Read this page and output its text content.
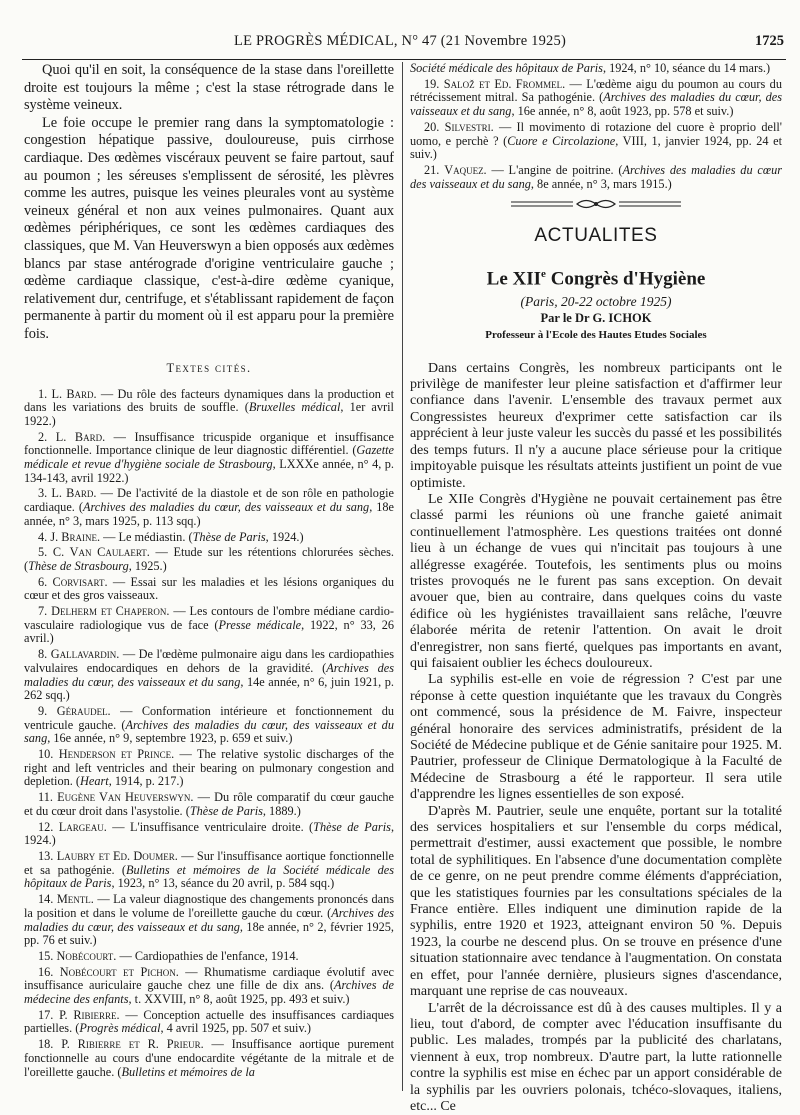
LE PROGRÈS MÉDICAL, N° 47 (21 Novembre 1925)	1725

Quoi qu'il en soit, la conséquence de la stase dans l'oreillette droite est toujours la même ; c'est la stase rétrograde dans le système veineux.

Le foie occupe le premier rang dans la symptomatologie : congestion hépatique passive, douloureuse, puis cirrhose cardiaque. Des œdèmes viscéraux peuvent se faire partout, sauf au poumon ; les séreuses s'emplissent de sérosité, les plèvres comme les autres, puisque les veines pleurales vont au système veineux général et non aux veines pulmonaires. Quant aux œdèmes périphériques, ce sont les œdèmes cardiaques des classiques, que M. Van Heuverswyn a bien opposés aux œdèmes blancs par stase antérograde d'origine ventriculaire gauche ; œdème cardiaque classique, c'est-à-dire œdème cyanique, relativement dur, centrifuge, et s'établissant rapidement de façon permanente à partir du moment où il est apparu pour la première fois.

Textes cités.

1. L. Bard. — Du rôle des facteurs dynamiques dans la production et dans les variations des bruits de souffle. (Bruxelles médical, 1er avril 1922.)

2. L. Bard. — Insuffisance tricuspide organique et insuffisance fonctionnelle. Importance clinique de leur diagnostic différentiel. (Gazette médicale et revue d'hygiène sociale de Strasbourg, LXXXe année, n° 4, p. 134-143, avril 1922.)

3. L. Bard. — De l'activité de la diastole et de son rôle en pathologie cardiaque. (Archives des maladies du cœur, des vaisseaux et du sang, 18e année, n° 3, mars 1925, p. 113 sqq.)

4. J. Braine. — Le médiastin. (Thèse de Paris, 1924.)

5. C. Van Caulaert. — Etude sur les rétentions chlorurées sèches. (Thèse de Strasbourg, 1925.)

6. Corvisart. — Essai sur les maladies et les lésions organiques du cœur et des gros vaisseaux.

7. Delherm et Chaperon. — Les contours de l'ombre médiane cardio-vasculaire radiologique vus de face (Presse médicale, 1922, n° 33, 26 avril.)

8. Gallavardin. — De l'œdème pulmonaire aigu dans les cardiopathies valvulaires endocardiques en dehors de la gravidité. (Archives des maladies du cœur, des vaisseaux et du sang, 14e année, n° 6, juin 1921, p. 262 sqq.)

9. Géraudel. — Conformation intérieure et fonctionnement du ventricule gauche. (Archives des maladies du cœur, des vaisseaux et du sang, 16e année, n° 9, septembre 1923, p. 659 et suiv.)

10. Henderson et Prince. — The relative systolic discharges of the right and left ventricles and their bearing on pulmonary congestion and depletion. (Heart, 1914, p. 217.)

11. Eugène Van Heuverswyn. — Du rôle comparatif du cœur gauche et du cœur droit dans l'asystolie. (Thèse de Paris, 1889.)

12. Largeau. — L'insuffisance ventriculaire droite. (Thèse de Paris, 1924.)

13. Laubry et Ed. Doumer. — Sur l'insuffisance aortique fonctionnelle et sa pathogénie. (Bulletins et mémoires de la Société médicale des hôpitaux de Paris, 1923, n° 13, séance du 20 avril, p. 584 sqq.)

14. Mentl. — La valeur diagnostique des changements prononcés dans la position et dans le volume de l'oreillette gauche du cœur. (Archives des maladies du cœur, des vaisseaux et du sang, 18e année, n° 2, février 1925, pp. 76 et suiv.)

15. Nobécourt. — Cardiopathies de l'enfance, 1914.

16. Nobécourt et Pichon. — Rhumatisme cardiaque évolutif avec insuffisance auriculaire gauche chez une fille de dix ans. (Archives de médecine des enfants, t. XXVIII, n° 8, août 1925, pp. 493 et suiv.)

17. P. Ribierre. — Conception actuelle des insuffisances cardiaques partielles. (Progrès médical, 4 avril 1925, pp. 507 et suiv.)

18. P. Ribierre et R. Prieur. — Insuffisance aortique purement fonctionnelle au cours d'une endocardite végétante de la mitrale et de l'oreillette gauche. (Bulletins et mémoires de la

Société médicale des hôpitaux de Paris, 1924, n° 10, séance du 14 mars.)

19. Salož et Ed. Frommel. — L'œdème aigu du poumon au cours du rétrécissement mitral. Sa pathogénie. (Archives des maladies du cœur, des vaisseaux et du sang, 16e année, n° 8, août 1923, pp. 578 et suiv.)

20. Silvestri. — Il movimento di rotazione del cuore è proprio dell' uomo, e perchè ? (Cuore e Circolazione, VIII, 1, janvier 1924, pp. 24 et suiv.)

21. Vaquez. — L'angine de poitrine. (Archives des maladies du cœur des vaisseaux et du sang, 8e année, n° 3, mars 1915.)

ACTUALITES
Le XIIe Congrès d'Hygiène
(Paris, 20-22 octobre 1925)
Par le Dr G. ICHOK
Professeur à l'Ecole des Hautes Etudes Sociales

Dans certains Congrès, les nombreux participants ont le privilège de manifester leur pleine satisfaction et d'affirmer leur confiance dans l'avenir. L'ensemble des travaux permet aux Congressistes heureux d'exprimer cette satisfaction car ils apprécient à leur juste valeur les succès du passé et les possibilités des temps futurs. Il n'y a aucune place sérieuse pour la critique impitoyable puisque les résultats atteints justifient un point de vue optimiste.

Le XIIe Congrès d'Hygiène ne pouvait certainement pas être classé parmi les réunions où une franche gaieté animait continuellement l'atmosphère. Les questions traitées ont donné lieu à un échange de vues qui n'incitait pas toujours à une allégresse exagérée. Toutefois, les sentiments plus ou moins tristes provoqués ne le furent pas sans exception. On devait avouer que, bien au contraire, dans quelques coins du vaste édifice où les hygiénistes travaillaient sans relâche, l'œuvre élaborée mérita de retenir l'attention. On avait le droit d'enregistrer, non sans fierté, quelques pas importants en avant, qui faisaient oublier les échecs douloureux.

La syphilis est-elle en voie de régression ? C'est par une réponse à cette question inquiétante que les travaux du Congrès ont commencé, sous la présidence de M. Faivre, inspecteur général honoraire des services administratifs, président de la Société de Médecine publique et de Génie sanitaire pour 1925. M. Pautrier, professeur de Clinique Dermatologique à la Faculté de Médecine de Strasbourg a été le rapporteur. Il sera utile d'apprendre les lignes essentielles de son exposé.

D'après M. Pautrier, seule une enquête, portant sur la totalité des services hospitaliers et sur l'ensemble du corps médical, permettrait d'estimer, aussi exactement que possible, le nombre total de syphilitiques. En l'absence d'une documentation complète de ce genre, on ne peut prendre comme éléments d'appréciation, que les statistiques fournies par les consultations spéciales de la France entière. Elles indiquent une diminution rapide de la syphilis, entre 1920 et 1923, atteignant environ 50 %. Depuis 1923, la courbe ne descend plus. On se trouve en présence d'une situation stationnaire avec tendance à l'augmentation. On constata en effet, pour l'année dernière, plusieurs signes d'ascendance, marquant une reprise de cas nouveaux.

L'arrêt de la décroissance est dû à des causes multiples. Il y a lieu, tout d'abord, de compter avec l'éducation insuffisante du public. Les malades, trompés par la publicité des charlatans, viennent à eux, trop nombreux. D'autre part, la lutte rationnelle contre la syphilis est mise en échec par un apport considérable de la syphilis par les ouvriers polonais, tchéco-slovaques, italiens, etc... Ce
